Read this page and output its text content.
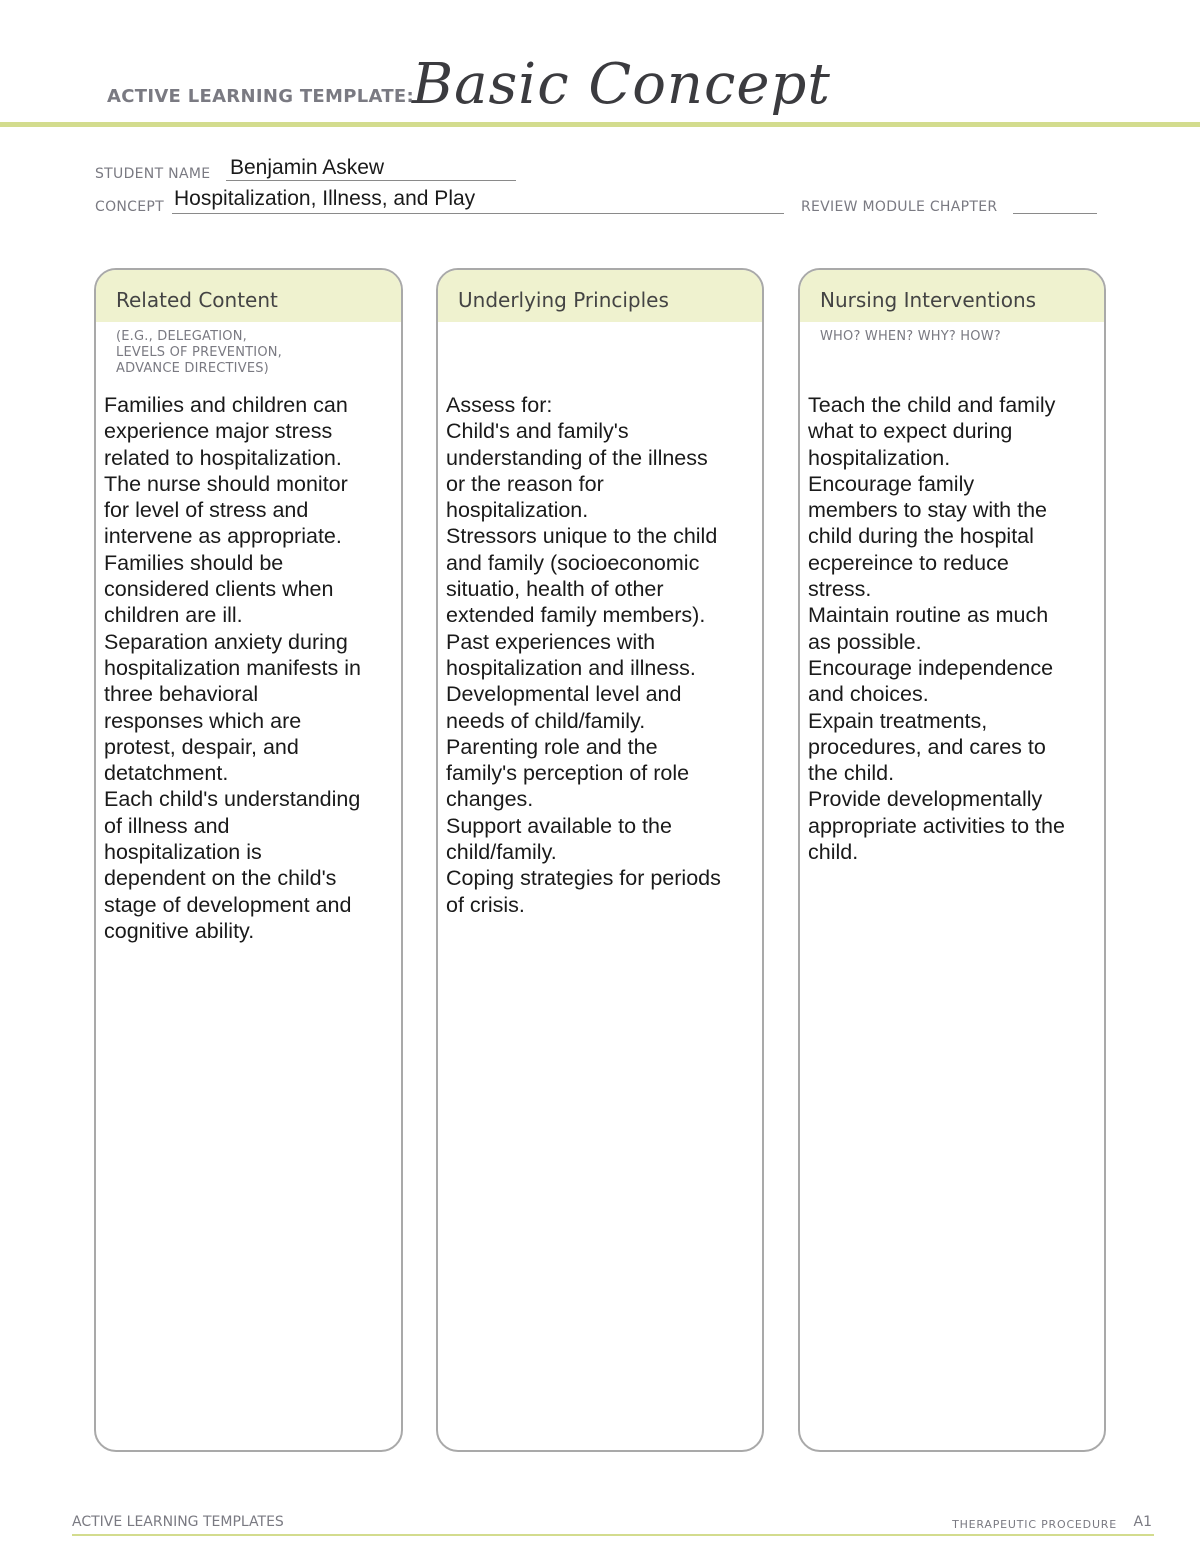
ACTIVE LEARNING TEMPLATE:
Basic Concept
STUDENT NAME Benjamin Askew
CONCEPT Hospitalization, Illness, and Play	REVIEW MODULE CHAPTER
Related Content
(E.G., DELEGATION,
LEVELS OF PREVENTION,
ADVANCE DIRECTIVES)
Families and children can
experience major stress
related to hospitalization.
The nurse should monitor
for level of stress and
intervene as appropriate.
Families should be
considered clients when
children are ill.
Separation anxiety during
hospitalization manifests in
three behavioral
responses which are
protest, despair, and
detatchment.
Each child's understanding
of illness and
hospitalization is
dependent on the child's
stage of development and
cognitive ability.
Underlying Principles
Assess for:
Child's and family's
understanding of the illness
or the reason for
hospitalization.
Stressors unique to the child
and family (socioeconomic
situatio, health of other
extended family members).
Past experiences with
hospitalization and illness.
Developmental level and
needs of child/family.
Parenting role and the
family's perception of role
changes.
Support available to the
child/family.
Coping strategies for periods
of crisis.
Nursing Interventions
WHO? WHEN? WHY? HOW?
Teach the child and family
what to expect during
hospitalization.
Encourage family
members to stay with the
child during the hospital
ecpereince to reduce
stress.
Maintain routine as much
as possible.
Encourage independence
and choices.
Expain treatments,
procedures, and cares to
the child.
Provide developmentally
appropriate activities to the
child.
ACTIVE LEARNING TEMPLATES	THERAPEUTIC PROCEDURE A1
